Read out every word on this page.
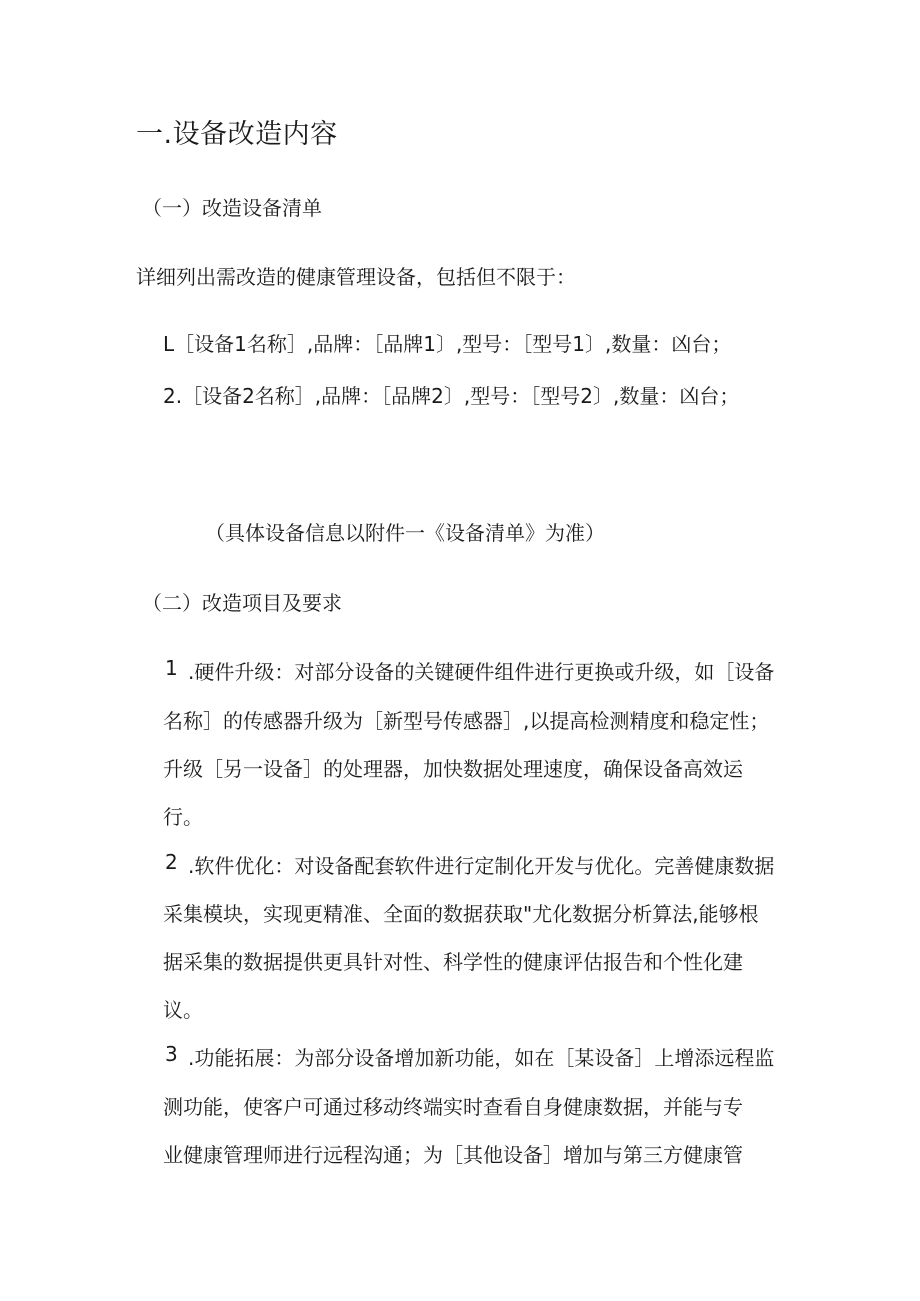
一.设备改造内容
（一）改造设备清单
详细列出需改造的健康管理设备，包括但不限于：
L［设备1名称］,品牌：［品牌1〕,型号：［型号1〕,数量：凶台；
2.［设备2名称］,品牌：［品牌2〕,型号：［型号2〕,数量：凶台；
（具体设备信息以附件一《设备清单》为准）
（二）改造项目及要求
1 .硬件升级：对部分设备的关键硬件组件进行更换或升级，如［设备
名称］的传感器升级为［新型号传感器］,以提高检测精度和稳定性；
升级［另一设备］的处理器，加快数据处理速度，确保设备高效运
行。
2 .软件优化：对设备配套软件进行定制化开发与优化。完善健康数据
采集模块，实现更精准、全面的数据获取"尤化数据分析算法,能够根
据采集的数据提供更具针对性、科学性的健康评估报告和个性化建
议。
3 .功能拓展：为部分设备增加新功能，如在［某设备］上增添远程监
测功能，使客户可通过移动终端实时查看自身健康数据，并能与专
业健康管理师进行远程沟通；为［其他设备］增加与第三方健康管
